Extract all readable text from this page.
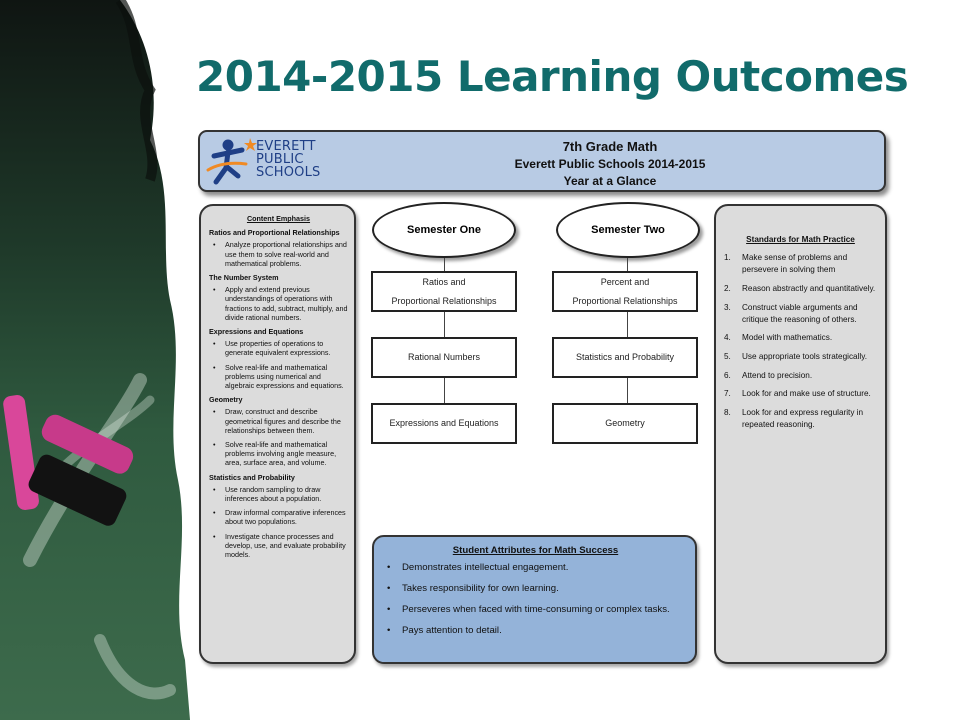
2014-2015 Learning Outcomes
EVERETT
PUBLIC
SCHOOLS
7th Grade Math
Everett Public Schools 2014-2015
Year at a Glance
Content Emphasis
Ratios and Proportional Relationships
• Analyze proportional relationships and use them to solve real-world and mathematical problems.
The Number System
• Apply and extend previous understandings of operations with fractions to add, subtract, multiply, and divide rational numbers.
Expressions and Equations
• Use properties of operations to generate equivalent expressions.
• Solve real-life and mathematical problems using numerical and algebraic expressions and equations.
Geometry
• Draw, construct and describe geometrical figures and describe the relationships between them.
• Solve real-life and mathematical problems involving angle measure, area, surface area, and volume.
Statistics and Probability
• Use random sampling to draw inferences about a population.
• Draw informal comparative inferences about two populations.
• Investigate chance processes and develop, use, and evaluate probability models.
Semester One
Ratios and
Proportional Relationships
Rational Numbers
Expressions and Equations
Semester Two
Percent and
Proportional Relationships
Statistics and Probability
Geometry
Standards for Math Practice
1. Make sense of problems and persevere in solving them
2. Reason abstractly and quantitatively.
3. Construct viable arguments and critique the reasoning of others.
4. Model with mathematics.
5. Use appropriate tools strategically.
6. Attend to precision.
7. Look for and make use of structure.
8. Look for and express regularity in repeated reasoning.
Student Attributes for Math Success
• Demonstrates intellectual engagement.
• Takes responsibility for own learning.
• Perseveres when faced with time-consuming or complex tasks.
• Pays attention to detail.
